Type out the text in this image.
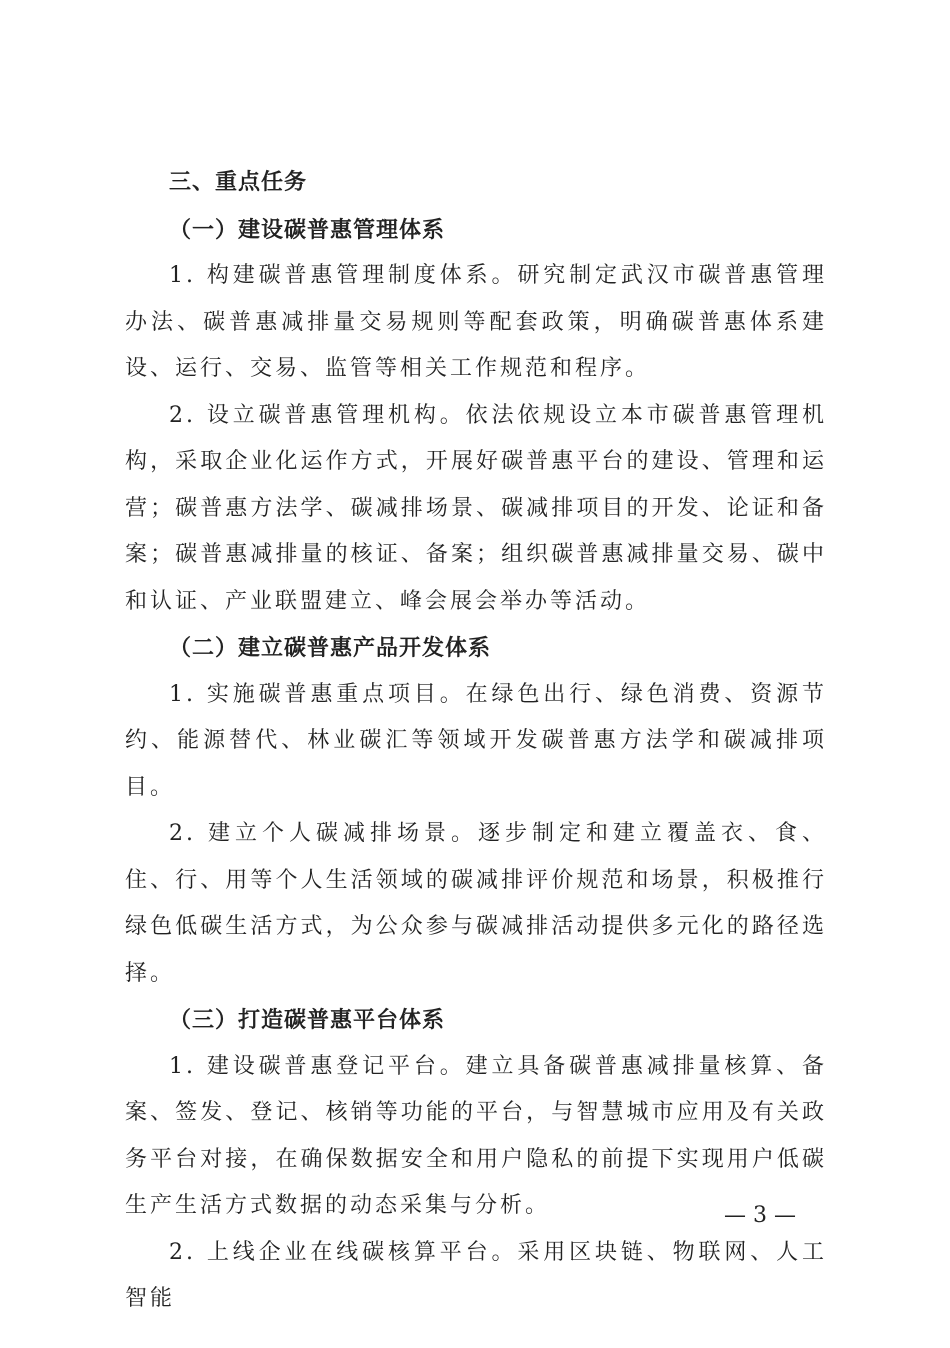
三、重点任务

（一）建设碳普惠管理体系

1. 构建碳普惠管理制度体系。研究制定武汉市碳普惠管理办法、碳普惠减排量交易规则等配套政策，明确碳普惠体系建设、运行、交易、监管等相关工作规范和程序。

2. 设立碳普惠管理机构。依法依规设立本市碳普惠管理机构，采取企业化运作方式，开展好碳普惠平台的建设、管理和运营；碳普惠方法学、碳减排场景、碳减排项目的开发、论证和备案；碳普惠减排量的核证、备案；组织碳普惠减排量交易、碳中和认证、产业联盟建立、峰会展会举办等活动。

（二）建立碳普惠产品开发体系

1. 实施碳普惠重点项目。在绿色出行、绿色消费、资源节约、能源替代、林业碳汇等领域开发碳普惠方法学和碳减排项目。

2. 建立个人碳减排场景。逐步制定和建立覆盖衣、食、住、行、用等个人生活领域的碳减排评价规范和场景，积极推行绿色低碳生活方式，为公众参与碳减排活动提供多元化的路径选择。

（三）打造碳普惠平台体系

1. 建设碳普惠登记平台。建立具备碳普惠减排量核算、备案、签发、登记、核销等功能的平台，与智慧城市应用及有关政务平台对接，在确保数据安全和用户隐私的前提下实现用户低碳生产生活方式数据的动态采集与分析。

2. 上线企业在线碳核算平台。采用区块链、物联网、人工智能

— 3 —
